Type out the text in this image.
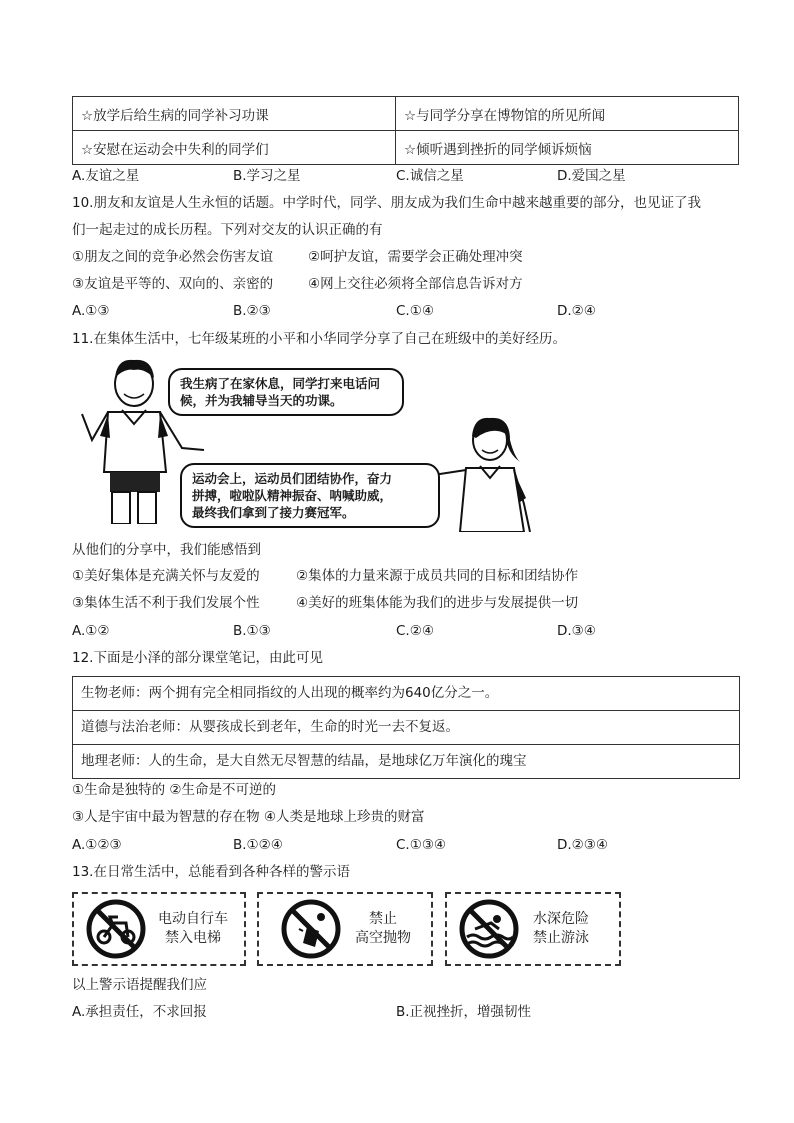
☆放学后给生病的同学补习功课	☆与同学分享在博物馆的所见所闻
☆安慰在运动会中失利的同学们	☆倾听遇到挫折的同学倾诉烦恼
A.友谊之星	B.学习之星	C.诚信之星	D.爱国之星
10.朋友和友谊是人生永恒的话题。中学时代，同学、朋友成为我们生命中越来越重要的部分，也见证了我
们一起走过的成长历程。下列对交友的认识正确的有
①朋友之间的竞争必然会伤害友谊	②呵护友谊，需要学会正确处理冲突
③友谊是平等的、双向的、亲密的	④网上交往必须将全部信息告诉对方
A.①③	B.②③	C.①④	D.②④
11.在集体生活中，七年级某班的小平和小华同学分享了自己在班级中的美好经历。
我生病了在家休息，同学打来电话问
候，并为我辅导当天的功课。
运动会上，运动员们团结协作，奋力
拼搏，啦啦队精神振奋、呐喊助威，
最终我们拿到了接力赛冠军。
从他们的分享中，我们能感悟到
①美好集体是充满关怀与友爱的	②集体的力量来源于成员共同的目标和团结协作
③集体生活不利于我们发展个性	④美好的班集体能为我们的进步与发展提供一切
A.①②	B.①③	C.②④	D.③④
12.下面是小泽的部分课堂笔记，由此可见
生物老师：两个拥有完全相同指纹的人出现的概率约为640亿分之一。
道德与法治老师：从婴孩成长到老年，生命的时光一去不复返。
地理老师：人的生命，是大自然无尽智慧的结晶，是地球亿万年演化的瑰宝
①生命是独特的 ②生命是不可逆的
③人是宇宙中最为智慧的存在物 ④人类是地球上珍贵的财富
A.①②③	B.①②④	C.①③④	D.②③④
13.在日常生活中，总能看到各种各样的警示语
电动自行车
禁入电梯
禁止
高空抛物
水深危险
禁止游泳
以上警示语提醒我们应
A.承担责任，不求回报	B.正视挫折，增强韧性
